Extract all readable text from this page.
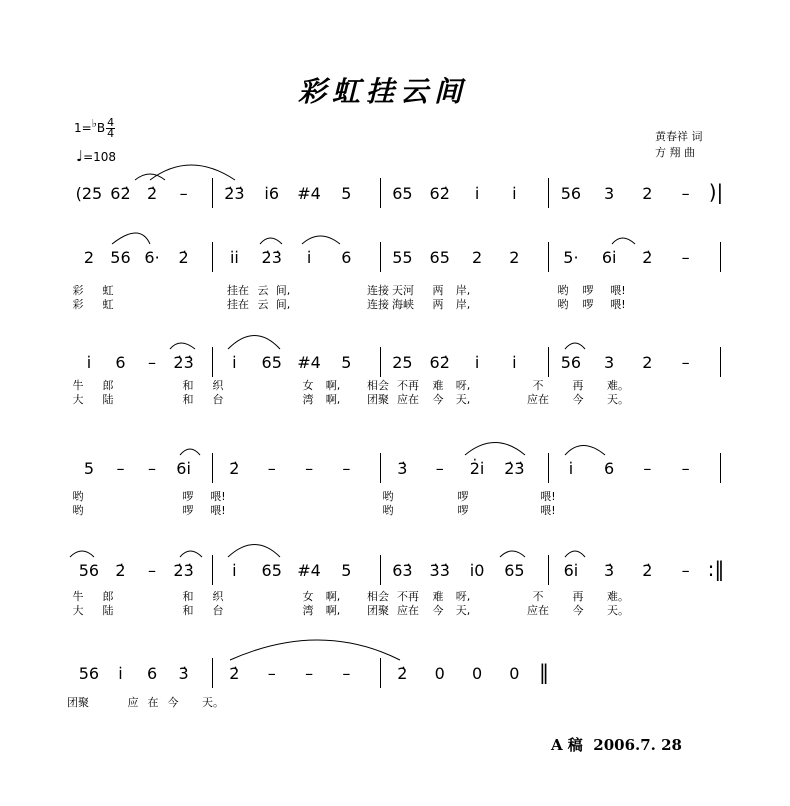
彩虹挂云间
$1=^♭B \frac{4}{4}$
♩=108
黄春祥 词
方 翔 曲
(25 62̇ 2̇ – 2̇3̇ i̇6 #4 5	65 62̇ i̇ i̇	56 3 2 – )|
2 56 6· 2̇	i̇i̇ 2̇3̇ i̇ 6	55 65 2 2	5· 6i̇ 2̇ –
彩 虹	挂在 云 间,	连接 天河 两 岸,	哟 啰 喂!
彩 虹	挂在 云 间,	连接 海峡 两 岸,	哟 啰 喂!
i̇ 6 – 2̇3̇ i̇ 65 #4 5	25 62̇ i̇ i̇	56 3 2 –
牛 郎	和 织	女 啊, 相会 不再 难 呀,	不	再 难。
大 陆	和 台	湾 啊, 团聚 应在 今 天,	应在 今 天。
5 – – 6i̇ 2̇ – – –	3̇ – 2̇i̇ 2̇3̇	i̇ 6 – –
哟	啰 喂!	哟	啰	喂!
哟	啰 喂!	哟	啰	喂!
56 2̇ – 2̇3̇ i̇ 65 #4 5	63̇ 3̇3̇ i̇0 65 6i̇ 3̇ 2̇ – :‖
牛 郎	和 织	女 啊, 相会 不再 难 呀,	不	再 难。
大 陆	和 台	湾 啊, 团聚 应在 今 天,	应在 今 天。
56 i̇ 6 3̇	2̇ – – –	2̇ 0 0 0 ‖
团聚	应 在 今 天。
A 稿 2006.7. 28
